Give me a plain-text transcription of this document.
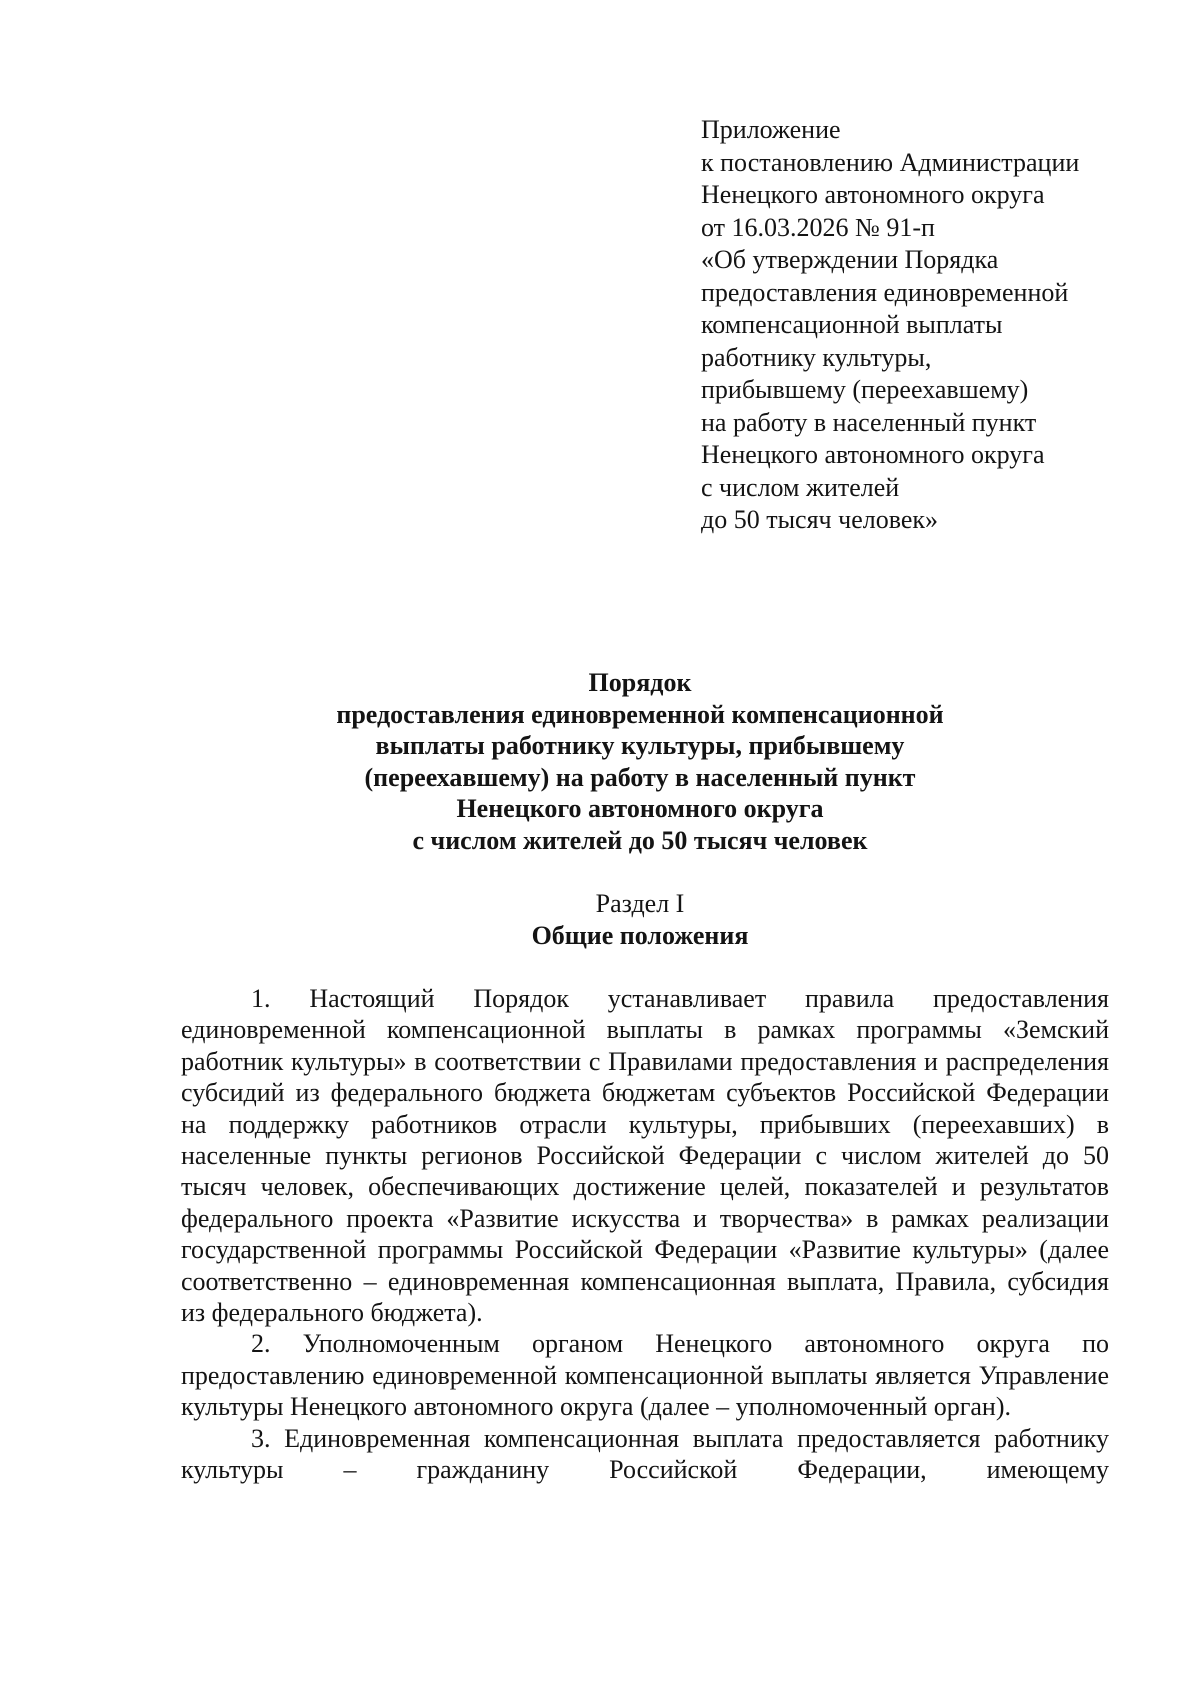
Приложение
к постановлению Администрации
Ненецкого автономного округа
от 16.03.2026 № 91-п
«Об утверждении Порядка
предоставления единовременной
компенсационной выплаты
работнику культуры,
прибывшему (переехавшему)
на работу в населенный пункт
Ненецкого автономного округа
с числом жителей
до 50 тысяч человек»
Порядок
предоставления единовременной компенсационной
выплаты работнику культуры, прибывшему
(переехавшему) на работу в населенный пункт
Ненецкого автономного округа
с числом жителей до 50 тысяч человек
Раздел I
Общие положения

1. Настоящий Порядок устанавливает правила предоставления единовременной компенсационной выплаты в рамках программы «Земский работник культуры» в соответствии с Правилами предоставления и распределения субсидий из федерального бюджета бюджетам субъектов Российской Федерации на поддержку работников отрасли культуры, прибывших (переехавших) в населенные пункты регионов Российской Федерации с числом жителей до 50 тысяч человек, обеспечивающих достижение целей, показателей и результатов федерального проекта «Развитие искусства и творчества» в рамках реализации государственной программы Российской Федерации «Развитие культуры» (далее соответственно – единовременная компенсационная выплата, Правила, субсидия из федерального бюджета).

2. Уполномоченным органом Ненецкого автономного округа по предоставлению единовременной компенсационной выплаты является Управление культуры Ненецкого автономного округа (далее – уполномоченный орган).

3. Единовременная компенсационная выплата предоставляется работнику культуры – гражданину Российской Федерации, имеющему
